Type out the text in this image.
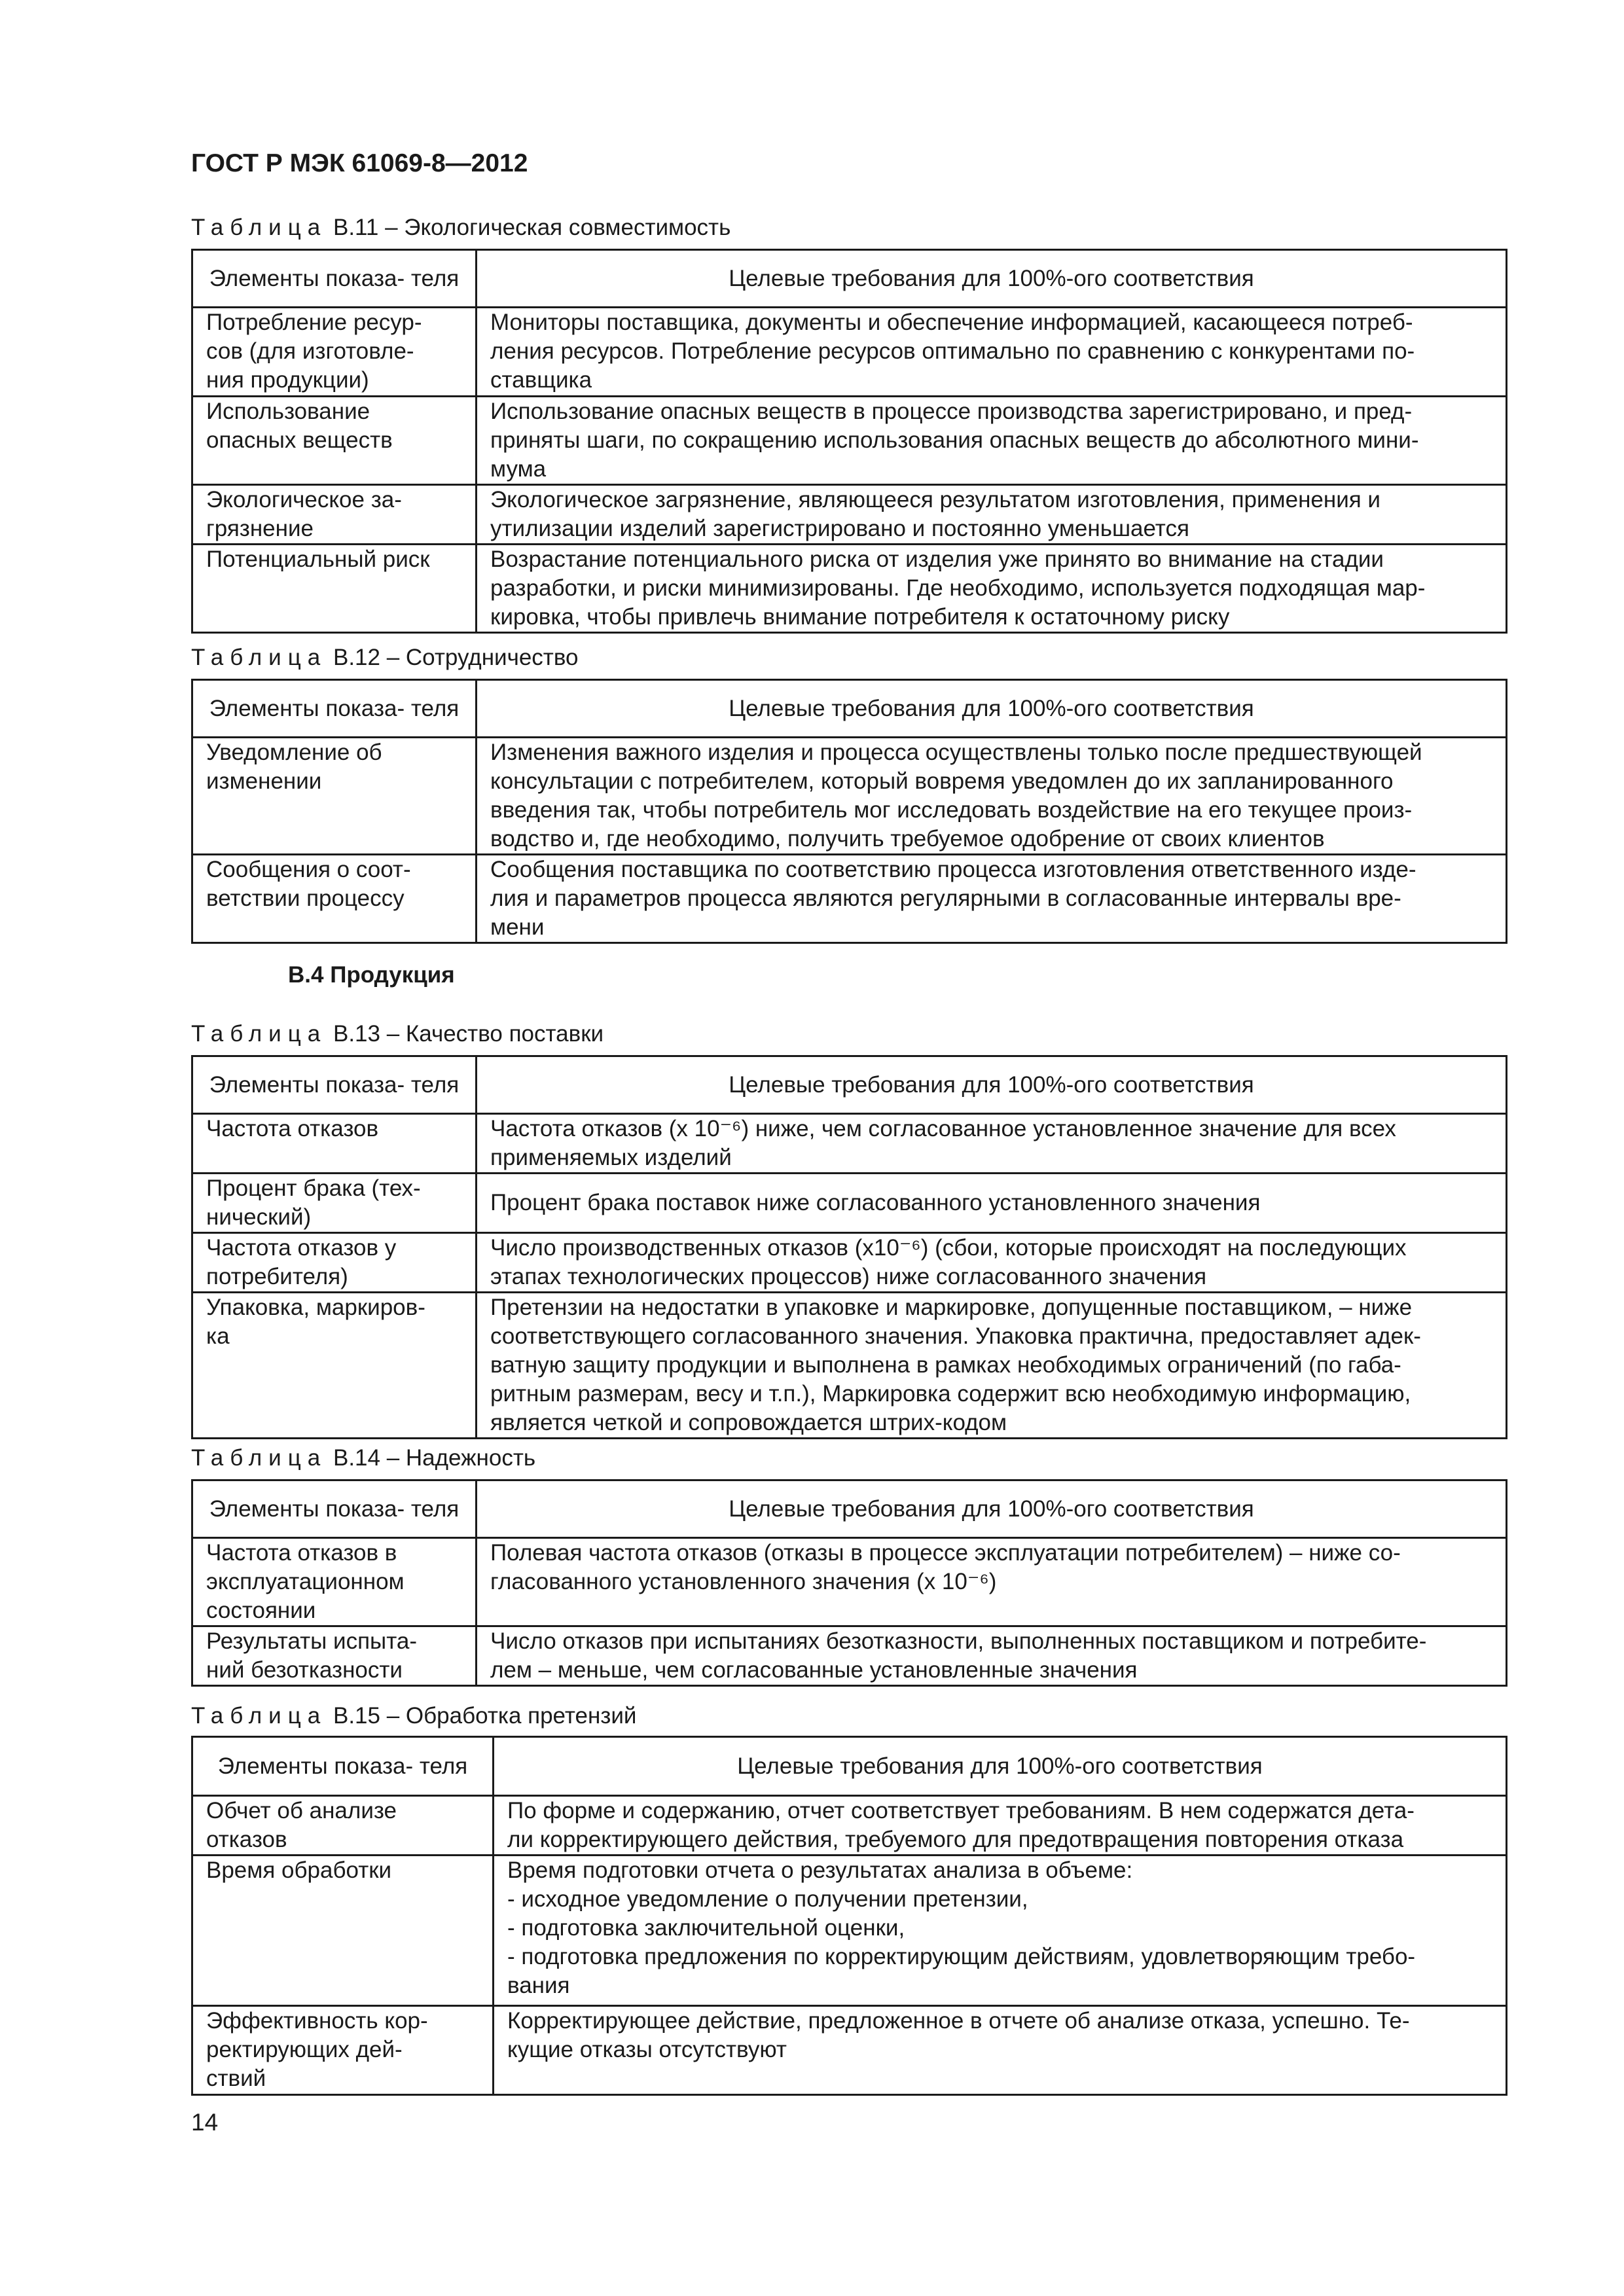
ГОСТ Р МЭК 61069-8—2012
Таблица В.11 – Экологическая совместимость
Элементы показа- теля	Целевые требования для 100%-ого соответствия

Потребление ресур-
сов (для изготовле-
ния продукции)	Мониторы поставщика, документы и обеспечение информацией, касающееся потреб-
ления ресурсов. Потребление ресурсов оптимально по сравнению с конкурентами по-
ставщика

Использование
опасных веществ	Использование опасных веществ в процессе производства зарегистрировано, и пред-
приняты шаги, по сокращению использования опасных веществ до абсолютного мини-
мума

Экологическое за-
грязнение	Экологическое загрязнение, являющееся результатом изготовления, применения и
утилизации изделий зарегистрировано и постоянно уменьшается

Потенциальный риск	Возрастание потенциального риска от изделия уже принято во внимание на стадии
разработки, и риски минимизированы. Где необходимо, используется подходящая мар-
кировка, чтобы привлечь внимание потребителя к остаточному риску
Таблица В.12 – Сотрудничество
Элементы показа- теля	Целевые требования для 100%-ого соответствия

Уведомление об
изменении	Изменения важного изделия и процесса осуществлены только после предшествующей
консультации с потребителем, который вовремя уведомлен до их запланированного
введения так, чтобы потребитель мог исследовать воздействие на его текущее произ-
водство и, где необходимо, получить требуемое одобрение от своих клиентов

Сообщения о соот-
ветствии процессу	Сообщения поставщика по соответствию процесса изготовления ответственного изде-
лия и параметров процесса являются регулярными в согласованные интервалы вре-
мени
В.4 Продукция
Таблица В.13 – Качество поставки
Элементы показа- теля	Целевые требования для 100%-ого соответствия

Частота отказов	Частота отказов (х 10⁻⁶) ниже, чем согласованное установленное значение для всех
применяемых изделий

Процент брака (тех-
нический)	Процент брака поставок ниже согласованного установленного значения

Частота отказов у
потребителя)	Число производственных отказов (х10⁻⁶) (сбои, которые происходят на последующих
этапах технологических процессов) ниже согласованного значения

Упаковка, маркиров-
ка	Претензии на недостатки в упаковке и маркировке, допущенные поставщиком, – ниже
соответствующего согласованного значения. Упаковка практична, предоставляет адек-
ватную защиту продукции и выполнена в рамках необходимых ограничений (по габа-
ритным размерам, весу и т.п.), Маркировка содержит всю необходимую информацию,
является четкой и сопровождается штрих-кодом
Таблица В.14 – Надежность
Элементы показа- теля	Целевые требования для 100%-ого соответствия

Частота отказов в
эксплуатационном
состоянии	Полевая частота отказов (отказы в процессе эксплуатации потребителем) – ниже со-
гласованного установленного значения (х 10⁻⁶)

Результаты испыта-
ний безотказности	Число отказов при испытаниях безотказности, выполненных поставщиком и потребите-
лем – меньше, чем согласованные установленные значения
Таблица В.15 – Обработка претензий
Элементы показа- теля	Целевые требования для 100%-ого соответствия

Обчет об анализе
отказов	По форме и содержанию, отчет соответствует требованиям. В нем содержатся дета-
ли корректирующего действия, требуемого для предотвращения повторения отказа

Время обработки	Время подготовки отчета о результатах анализа в объеме:
- исходное уведомление о получении претензии,
- подготовка заключительной оценки,
- подготовка предложения по корректирующим действиям, удовлетворяющим требо-
вания

Эффективность кор-
ректирующих дей-
ствий	Корректирующее действие, предложенное в отчете об анализе отказа, успешно. Те-
кущие отказы отсутствуют
14
